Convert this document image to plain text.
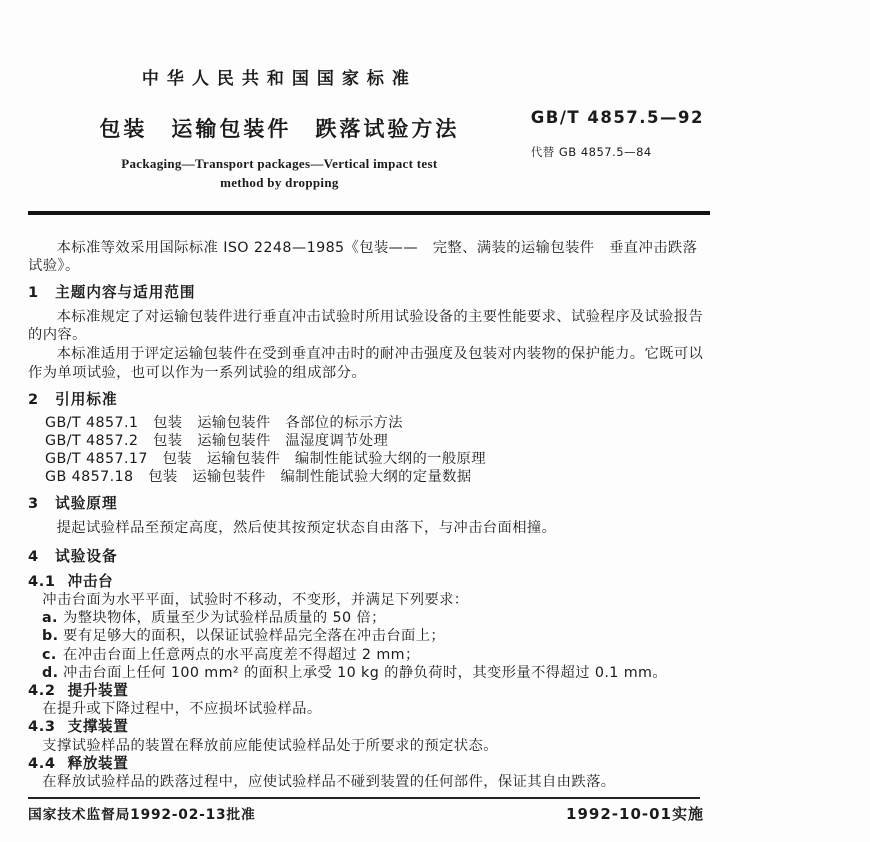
中华人民共和国国家标准
包装　运输包装件　跌落试验方法
Packaging—Transport packages—Vertical impact test
method by dropping
GB/T 4857.5—92
代替 GB 4857.5—84

本标准等效采用国际标准 ISO 2248—1985《包装——　完整、满装的运输包装件　垂直冲击跌落试验》。

1 主题内容与适用范围

本标准规定了对运输包装件进行垂直冲击试验时所用试验设备的主要性能要求、试验程序及试验报告的内容。

本标准适用于评定运输包装件在受到垂直冲击时的耐冲击强度及包装对内装物的保护能力。它既可以作为单项试验，也可以作为一系列试验的组成部分。

2 引用标准
GB/T 4857.1　包装　运输包装件　各部位的标示方法
GB/T 4857.2　包装　运输包装件　温湿度调节处理
GB/T 4857.17　包装　运输包装件　编制性能试验大纲的一般原理
GB 4857.18　包装　运输包装件　编制性能试验大纲的定量数据
3 试验原理

提起试验样品至预定高度，然后使其按预定状态自由落下，与冲击台面相撞。

4 试验设备
4.1 冲击台

冲击台面为水平平面，试验时不移动，不变形，并满足下列要求：

a. 为整块物体，质量至少为试验样品质量的 50 倍；
b. 要有足够大的面积，以保证试验样品完全落在冲击台面上；
c. 在冲击台面上任意两点的水平高度差不得超过 2 mm；
d. 冲击台面上任何 100 mm² 的面积上承受 10 kg 的静负荷时，其变形量不得超过 0.1 mm。
4.2 提升装置

在提升或下降过程中，不应损坏试验样品。

4.3 支撑装置

支撑试验样品的装置在释放前应能使试验样品处于所要求的预定状态。

4.4 释放装置

在释放试验样品的跌落过程中，应使试验样品不碰到装置的任何部件，保证其自由跌落。

国家技术监督局1992-02-13批准	1992-10-01实施
